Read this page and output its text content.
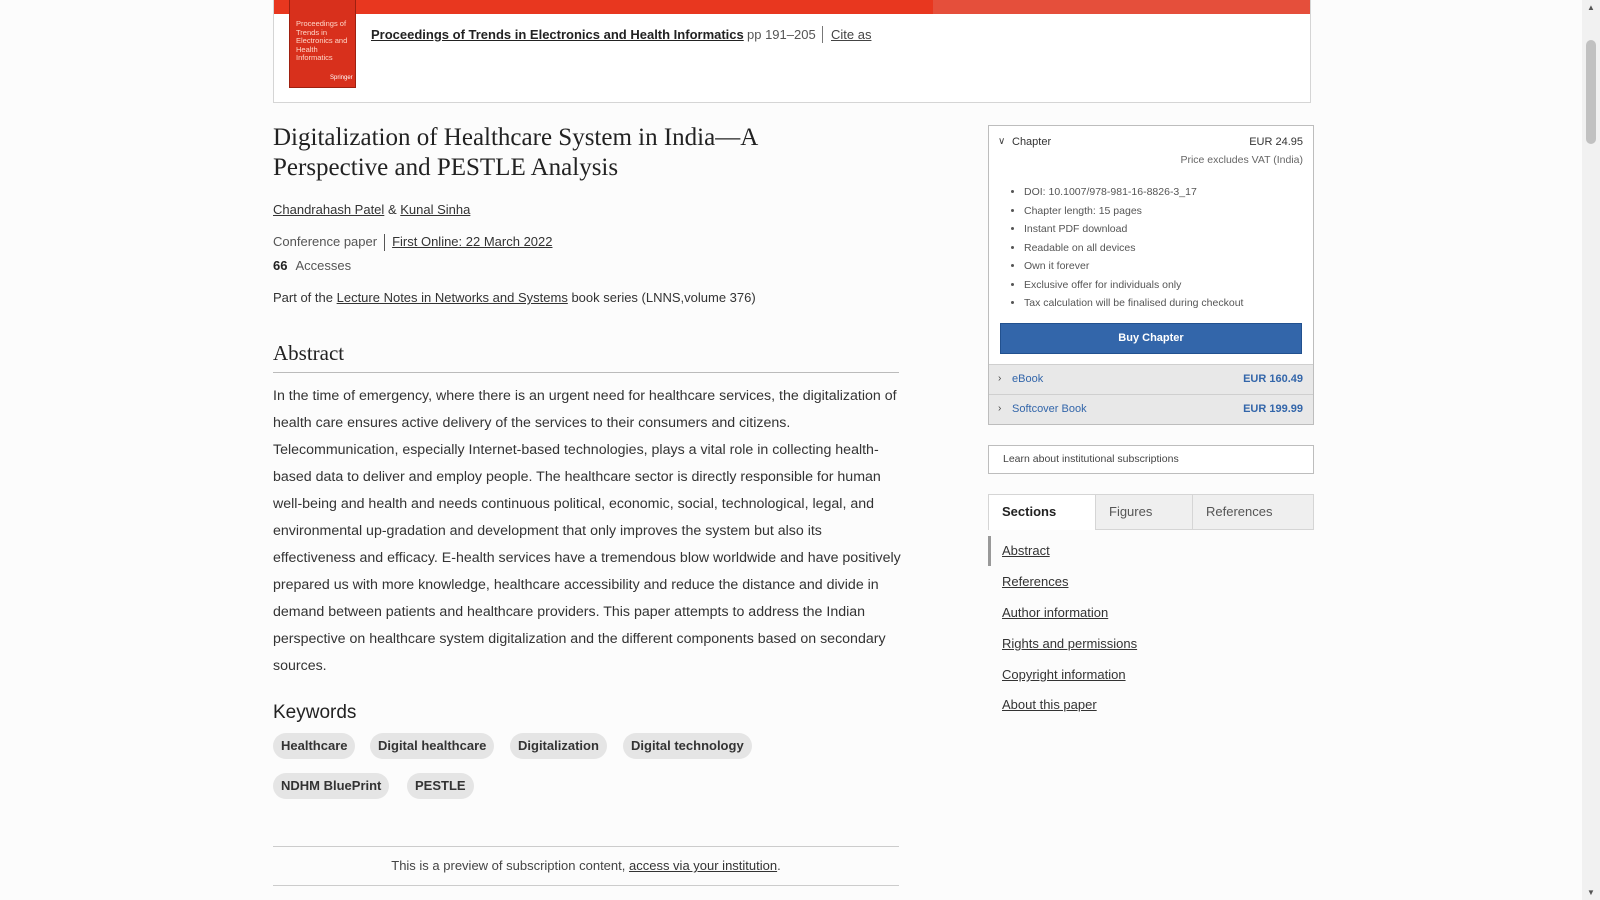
Proceedings of Trends in Electronics and Health Informatics
Springer
Proceedings of Trends in Electronics and Health Informatics pp 191–205 Cite as
Digitalization of Healthcare System in India—A Perspective and PESTLE Analysis
Chandrahash Patel & Kunal Sinha
Conference paper First Online: 22 March 2022
66 Accesses
Part of the Lecture Notes in Networks and Systems book series (LNNS,volume 376)
Abstract

In the time of emergency, where there is an urgent need for healthcare services, the digitalization of health care ensures active delivery of the services to their consumers and citizens. Telecommunication, especially Internet-based technologies, plays a vital role in collecting health-based data to deliver and employ people. The healthcare sector is directly responsible for human well-being and health and needs continuous political, economic, social, technological, legal, and environmental up-gradation and development that only improves the system but also its effectiveness and efficacy. E-health services have a tremendous blow worldwide and have positively prepared us with more knowledge, healthcare accessibility and reduce the distance and divide in demand between patients and healthcare providers. This paper attempts to address the Indian perspective on healthcare system digitalization and the different components based on secondary sources.

Keywords
Healthcare	Digital healthcare	Digitalization	Digital technology
NDHM BluePrint	PESTLE
This is a preview of subscription content, access via your institution.
∨ Chapter	EUR 24.95
Price excludes VAT (India)
• DOI: 10.1007/978-981-16-8826-3_17
• Chapter length: 15 pages
• Instant PDF download
• Readable on all devices
• Own it forever
• Exclusive offer for individuals only
• Tax calculation will be finalised during checkout
Buy Chapter
› eBook	EUR 160.49
› Softcover Book	EUR 199.99
Learn about institutional subscriptions
Sections	Figures	References
Abstract
References
Author information
Rights and permissions
Copyright information
About this paper
▲
▼
